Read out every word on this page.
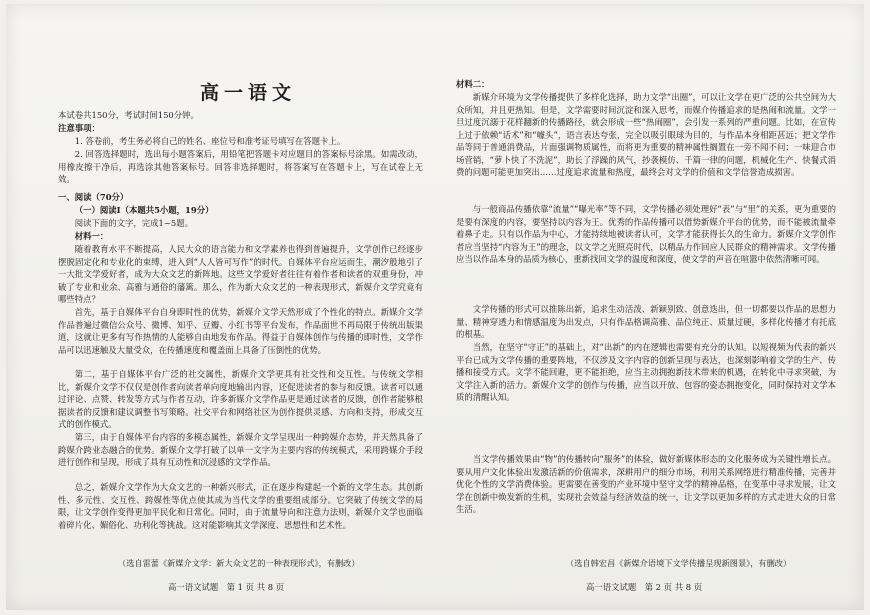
高一语文

本试卷共150分，考试时间150分钟。

注意事项：

1. 答卷前，考生务必将自己的姓名、座位号和准考证号填写在答题卡上。

2. 回答选择题时，选出每小题答案后，用铅笔把答题卡对应题目的答案标号涂黑。如需改动，用橡皮擦干净后，再选涂其他答案标号。回答非选择题时，将答案写在答题卡上，写在试卷上无效。

一、阅读（70分）

（一）阅读Ⅰ（本题共5小题，19分）

阅读下面的文字，完成1~5题。

材料一：

随着教育水平不断提高，人民大众的语言能力和文学素养也得到普遍提升，文学创作已经逐步摆脱固定化和专业化的束缚，进入到“人人皆可写作”的时代。自媒体平台应运而生，潮汐般地引了一大批文学爱好者，成为大众文艺的新阵地。这些文学爱好者往往有着作者和读者的双重身份，冲破了专业和业余、高雅与通俗的藩篱。那么，作为新大众文艺的一种表现形式，新媒介文学究竟有哪些特点？

首先，基于自媒体平台自身即时性的优势，新媒介文学天然形成了个性化的特点。新媒介文学作品普遍过微信公众号、微博、知乎、豆瓣、小红书等平台发布，作品面世不再局限于传统出版渠道，这就让更多有写作热情的人能够自由地发布作品。得益于自媒体创作与传播的即时性，文学作品可以迅速触及大量受众，在传播速度和覆盖面上具备了压倒性的优势。

第二，基于自媒体平台广泛的社交属性，新媒介文学更具有社交性和交互性。与传统文学相比，新媒介文学不仅仅是创作者向读者单向度地输出内容，还促进读者的参与和反馈。读者可以通过评论、点赞、转发等方式与作者互动，许多新媒介文学作品更是通过读者的反馈，创作者能够根据读者的反馈和建议调整书写策略。社交平台和网络社区为创作提供灵感、方向和支持，形成交互式的创作模式。

第三，由于自媒体平台内容的多模态属性，新媒介文学呈现出一种跨媒介态势，并天然具备了跨媒介跨业态融合的优势。新媒介文学打破了以单一文字为主要内容的传统模式，采用跨媒介手段进行创作和呈现，形成了具有互动性和沉浸感的文学作品。

总之，新媒介文学作为大众文艺的一种新兴形式，正在逐步构建起一个新的文学生态。其创新性、多元性、交互性、跨媒性等优点使其成为当代文学的重要组成部分。它突破了传统文学的局限，让文学创作变得更加平民化和日常化。同时，由于流量导向和注意力法则，新媒介文学也面临着碎片化、媚俗化、功利化等挑战。这对能影响其文学深度、思想性和艺术性。

（选自雷蕾《新媒介文学：新大众文艺的一种表现形式》，有删改）
高一语文试题　第 1 页 共 8 页

材料二：

新媒介环境为文学传播提供了多样化选择，助力文学“出圈”，可以让文学在更广泛的公共空间为大众所知，并且更热知。但是，文学需要时间沉淀和深入思考，而媒介传播追求的是热闹和流量。文学一旦过度沉溺于花样翻新的传播路径，就会形成一些“热闹圈”，会引发一系列的严重问题。比如，在宣传上过于依赖“话术”和“噱头”，语言表达夸张，完全以吸引眼球为目的，与作品本身相距甚远；把文学作品等同于普通消费品，片面强调物质属性，而将更为重要的精神属性搁置在一旁不闻不问；一味迎合市场营销，“萝卜快了不洗泥”，助长了浮躁的风气，抄袭模仿、千篇一律的问题，机械化生产、快餐式消费的问题可能更加突出……过度追求流量和热度，最终会对文学的价值和文学信誉造成损害。

与一般商品传播依靠“流量”“曝光率”等不同，文学传播必须处理好“表”与“里”的关系，更为重要的是要有深度的内容，要坚持以内容为王。优秀的作品传播可以借势新媒介平台的优势，而不能被流量牵着鼻子走。只有以作品为中心，才能持续地被读者认可，文学才能获得长久的生命力。新媒介文学创作者应当坚持“内容为王”的理念，以文学之光照亮时代，以精品力作回应人民群众的精神需求。文学传播应当以作品本身的品质为核心，重新找回文学的温度和深度，使文学的声音在喧嚣中依然清晰可闻。

文学传播的形式可以推陈出新，追求生动活泼、新颖别致、创意迭出，但一切都要以作品的思想力量、精神穿透力和情感温度为出发点，只有作品格调高雅、品位纯正、质量过硬，多样化传播才有托底的根基。

当然，在坚守“守正”的基础上，对“出新”的内在逻辑也需要有充分的认知。以短视频为代表的新兴平台已成为文学传播的重要阵地，不仅涉及文字内容的创新呈现与表达，也深刻影响着文学的生产、传播和接受方式。文学不能回避，更不能拒绝，应当主动拥抱新技术带来的机遇，在转化中寻求突破，为文学注入新的活力。新媒介文学的创作与传播，应当以开放、包容的姿态拥抱变化，同时保持对文学本质的清醒认知。

当文学传播效果由“物”的传播转向“服务”的体验，做好新媒体形态的文化服务成为关键性增长点。要从用户文化体验出发激活新的价值需求，深耕用户的细分市场，利用关系网络进行精准传播，完善并优化个性的文学消费体验。更需要在善变的产业环境中坚守文学的精神品格，在变革中寻求发展，让文学在创新中焕发新的生机，实现社会效益与经济效益的统一，让文学以更加多样的方式走进大众的日常生活。

（选自韩宏昌《新媒介语境下文学传播呈现新图景》，有删改）
高一语文试题　第 2 页 共 8 页
